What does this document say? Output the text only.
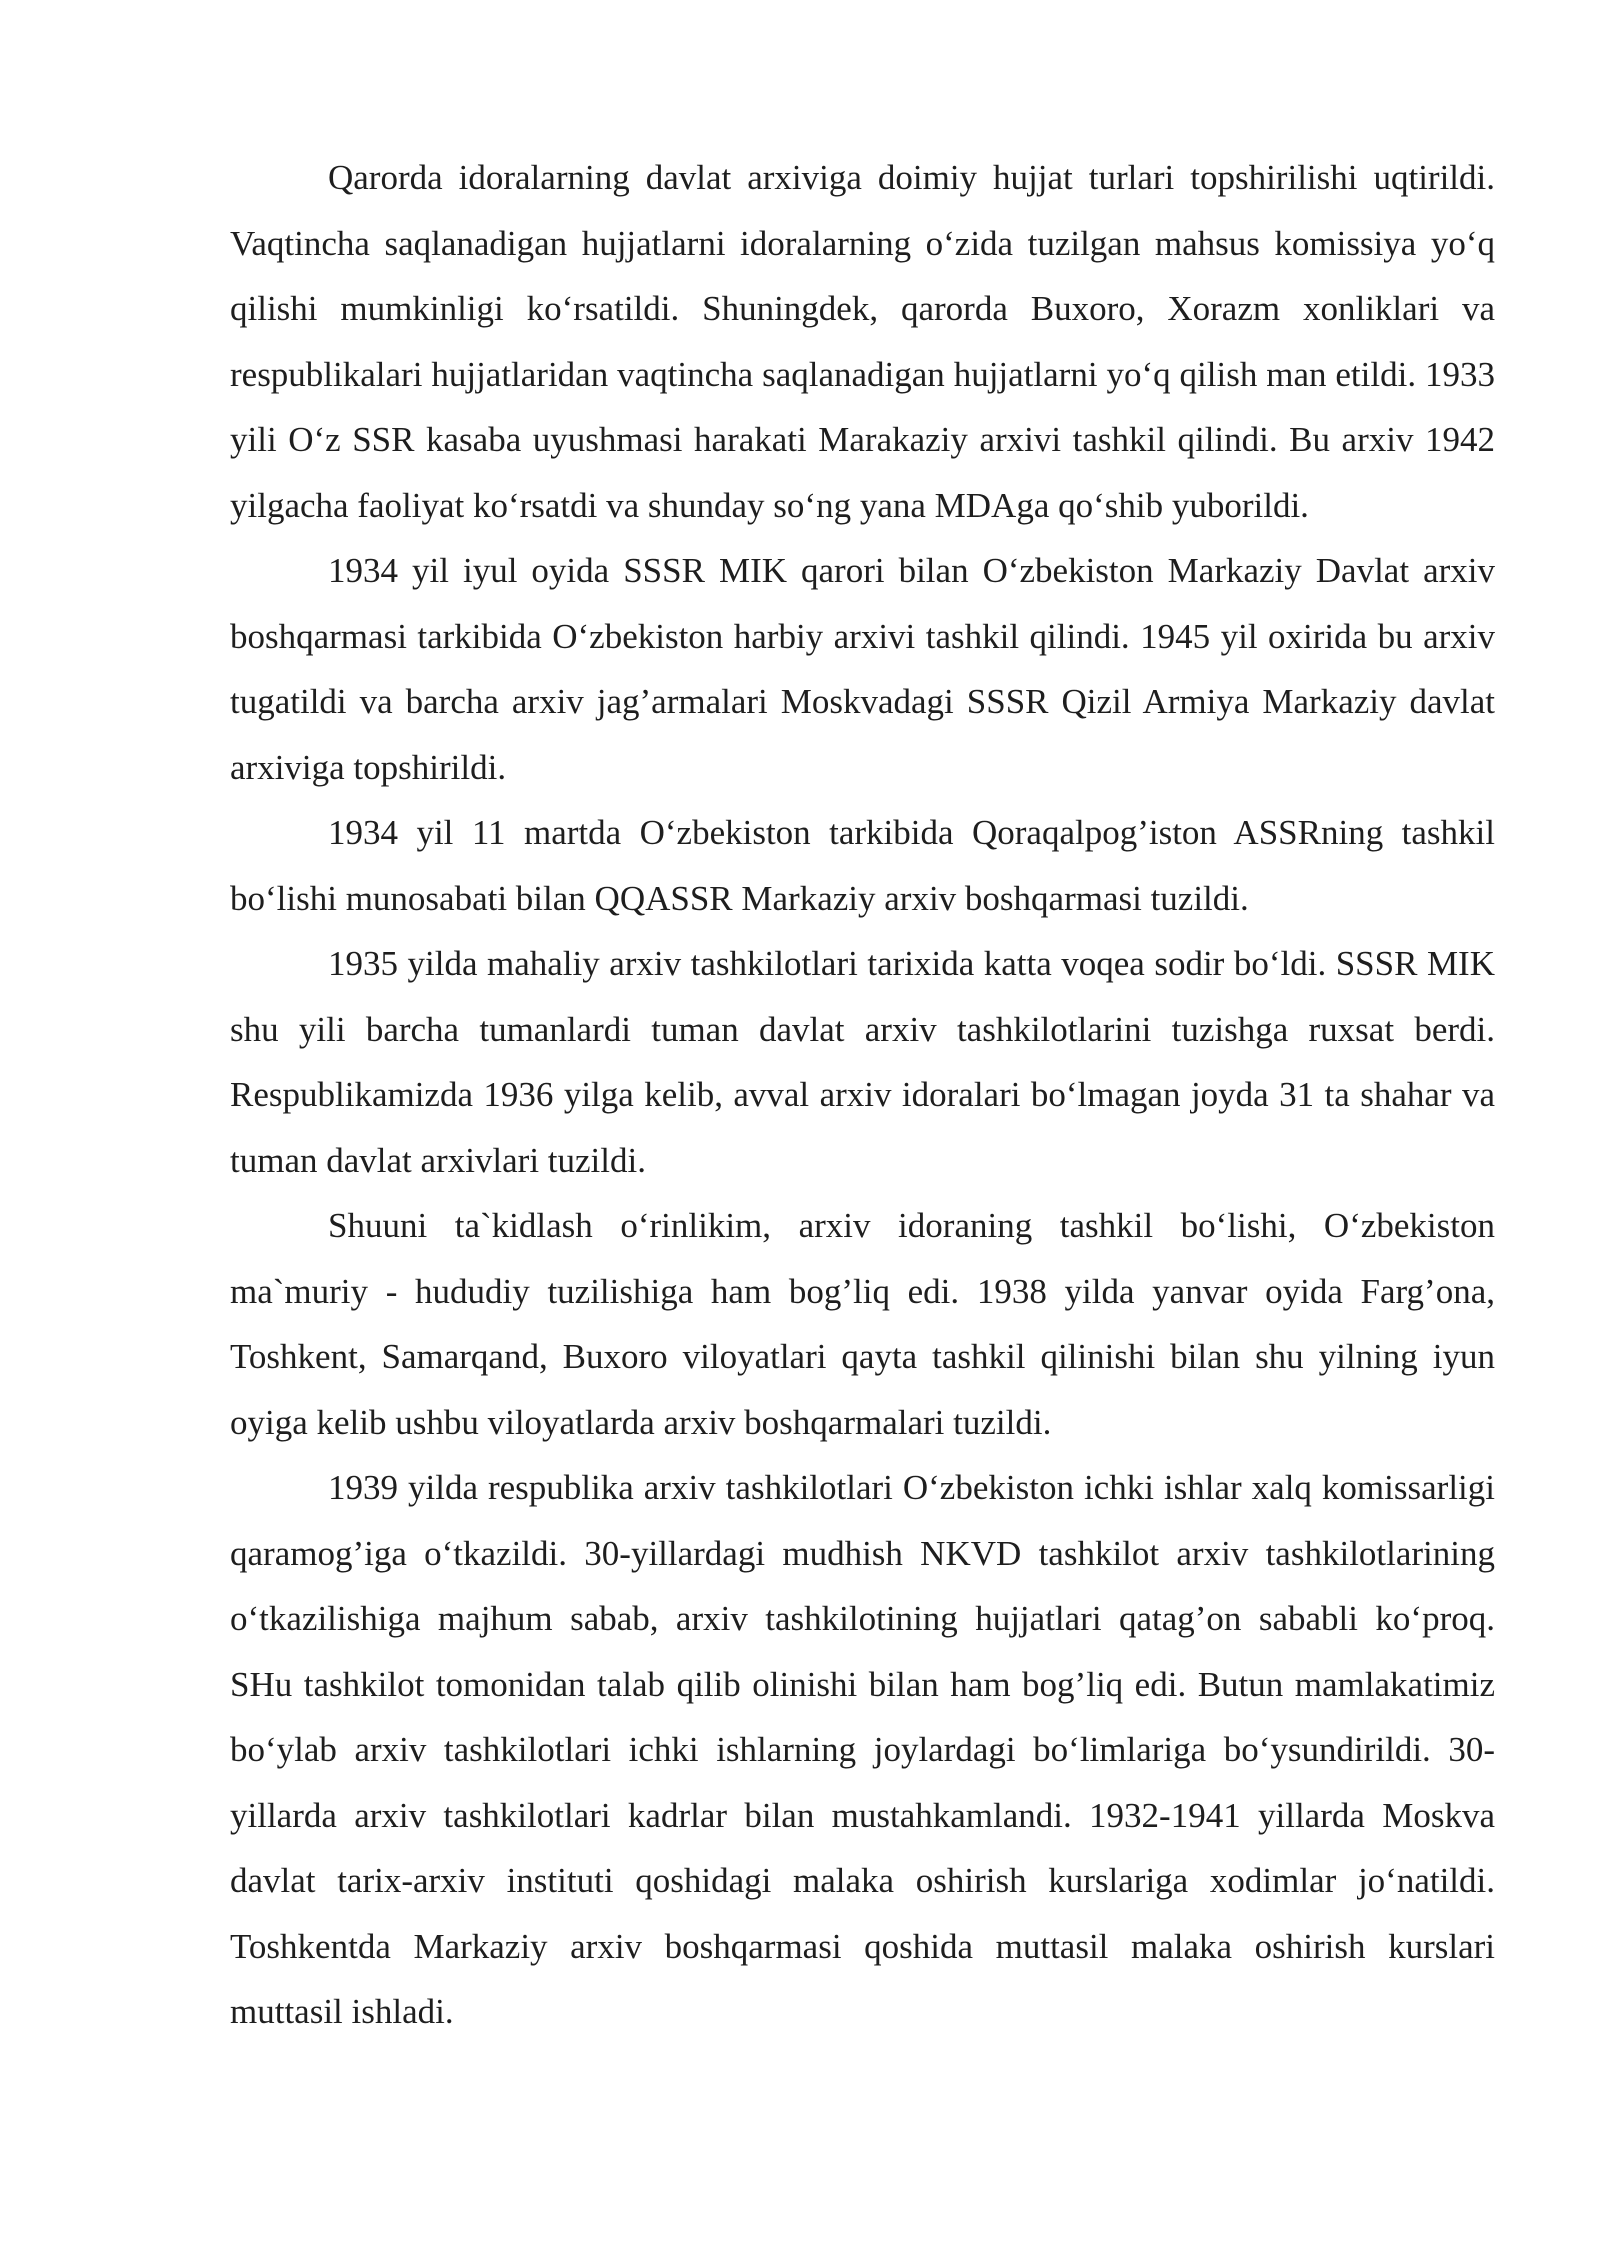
Qarorda idoralarning davlat arxiviga doimiy hujjat turlari topshirilishi uqtirildi. Vaqtincha saqlanadigan hujjatlarni idoralarning o‘zida tuzilgan mahsus komissiya yo‘q qilishi mumkinligi ko‘rsatildi. Shuningdek, qarorda Buxoro, Xorazm xonliklari va respublikalari hujjatlaridan vaqtincha saqlanadigan hujjatlarni yo‘q qilish man etildi. 1933 yili O‘z SSR kasaba uyushmasi harakati Marakaziy arxivi tashkil qilindi. Bu arxiv 1942 yilgacha faoliyat ko‘rsatdi va shunday so‘ng yana MDAga qo‘shib yuborildi.

1934 yil iyul oyida SSSR MIK qarori bilan O‘zbekiston Markaziy Davlat arxiv boshqarmasi tarkibida O‘zbekiston harbiy arxivi tashkil qilindi. 1945 yil oxirida bu arxiv tugatildi va barcha arxiv jag’armalari Moskvadagi SSSR Qizil Armiya Markaziy davlat arxiviga topshirildi.

1934 yil 11 martda O‘zbekiston tarkibida Qoraqalpog’iston ASSRning tashkil bo‘lishi munosabati bilan QQASSR Markaziy arxiv boshqarmasi tuzildi.

1935 yilda mahaliy arxiv tashkilotlari tarixida katta voqea sodir bo‘ldi. SSSR MIK shu yili barcha tumanlardi tuman davlat arxiv tashkilotlarini tuzishga ruxsat berdi. Respublikamizda 1936 yilga kelib, avval arxiv idoralari bo‘lmagan joyda 31 ta shahar va tuman davlat arxivlari tuzildi.

Shuuni ta`kidlash o‘rinlikim, arxiv idoraning tashkil bo‘lishi, O‘zbekiston ma`muriy - hududiy tuzilishiga ham bog’liq edi. 1938 yilda yanvar oyida Farg’ona, Toshkent, Samarqand, Buxoro viloyatlari qayta tashkil qilinishi bilan shu yilning iyun oyiga kelib ushbu viloyatlarda arxiv boshqarmalari tuzildi.

1939 yilda respublika arxiv tashkilotlari O‘zbekiston ichki ishlar xalq komissarligi qaramog’iga o‘tkazildi. 30-yillardagi mudhish NKVD tashkilot arxiv tashkilotlarining o‘tkazilishiga majhum sabab, arxiv tashkilotining hujjatlari qatag’on sababli ko‘proq. SHu tashkilot tomonidan talab qilib olinishi bilan ham bog’liq edi. Butun mamlakatimiz bo‘ylab arxiv tashkilotlari ichki ishlarning joylardagi bo‘limlariga bo‘ysundirildi. 30-yillarda arxiv tashkilotlari kadrlar bilan mustahkamlandi. 1932-1941 yillarda Moskva davlat tarix-arxiv instituti qoshidagi malaka oshirish kurslariga xodimlar jo‘natildi. Toshkentda Markaziy arxiv boshqarmasi qoshida muttasil malaka oshirish kurslari muttasil ishladi.
